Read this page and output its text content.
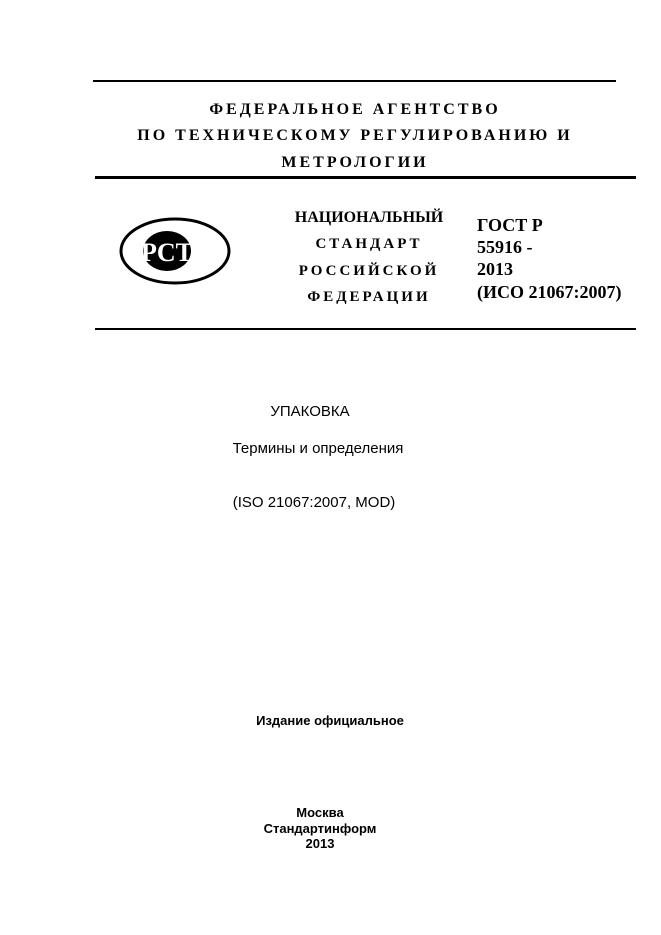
ФЕДЕРАЛЬНОЕ АГЕНТСТВО
ПО ТЕХНИЧЕСКОМУ РЕГУЛИРОВАНИЮ И
МЕТРОЛОГИИ
PCT
НАЦИОНАЛЬНЫЙ
СТАНДАРТ
РОССИЙСКОЙ
ФЕДЕРАЦИИ
ГОСТ Р
55916 -
2013
(ИСО 21067:2007)
УПАКОВКА
Термины и определения
(ISO 21067:2007, MOD)
Издание официальное
Москва
Стандартинформ
2013
